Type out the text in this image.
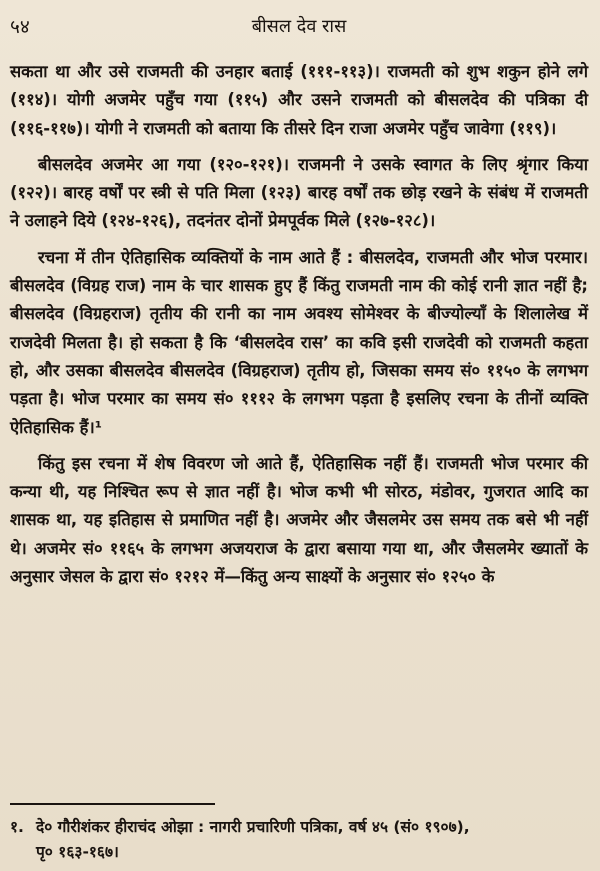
५४	बीसल देव रास

सकता था और उसे राजमती की उनहार बताई (१११-११३)। राजमती को शुभ शकुन होने लगे (११४)। योगी अजमेर पहुँच गया (११५) और उसने राजमती को बीसलदेव की पत्रिका दी (११६-११७)। योगी ने राजमती को बताया कि तीसरे दिन राजा अजमेर पहुँच जावेगा (११९)।

बीसलदेव अजमेर आ गया (१२०-१२१)। राजमनी ने उसके स्वागत के लिए श्रृंगार किया (१२२)। बारह वर्षों पर स्त्री से पति मिला (१२३) बारह वर्षों तक छोड़ रखने के संबंध में राजमती ने उलाहने दिये (१२४-१२६), तदनंतर दोनों प्रेमपूर्वक मिले (१२७-१२८)।

रचना में तीन ऐतिहासिक व्यक्तियों के नाम आते हैं : बीसलदेव, राजमती और भोज परमार। बीसलदेव (विग्रह राज) नाम के चार शासक हुए हैं किंतु राजमती नाम की कोई रानी ज्ञात नहीं है; बीसलदेव (विग्रहराज) तृतीय की रानी का नाम अवश्य सोमेश्वर के बीज्योल्यॉं के शिलालेख में राजदेवी मिलता है। हो सकता है कि ‘बीसलदेव रास’ का कवि इसी राजदेवी को राजमती कहता हो, और उसका बीसलदेव बीसलदेव (विग्रहराज) तृतीय हो, जिसका समय सं० ११५० के लगभग पड़ता है। भोज परमार का समय सं० १११२ के लगभग पड़ता है इसलिए रचना के तीनों व्यक्ति ऐतिहासिक हैं।¹

किंतु इस रचना में शेष विवरण जो आते हैं, ऐतिहासिक नहीं हैं। राजमती भोज परमार की कन्या थी, यह निश्चित रूप से ज्ञात नहीं है। भोज कभी भी सोरठ, मंडोवर, गुजरात आदि का शासक था, यह इतिहास से प्रमाणित नहीं है। अजमेर और जैसलमेर उस समय तक बसे भी नहीं थे। अजमेर सं० ११६५ के लगभग अजयराज के द्वारा बसाया गया था, और जैसलमेर ख्यातों के अनुसार जेसल के द्वारा सं० १२१२ में—किंतु अन्य साक्ष्यों के अनुसार सं० १२५० के

१. दे० गौरीशंकर हीराचंद ओझा : नागरी प्रचारिणी पत्रिका, वर्ष ४५ (सं० १९०७),
पृ० १६३-१६७।
